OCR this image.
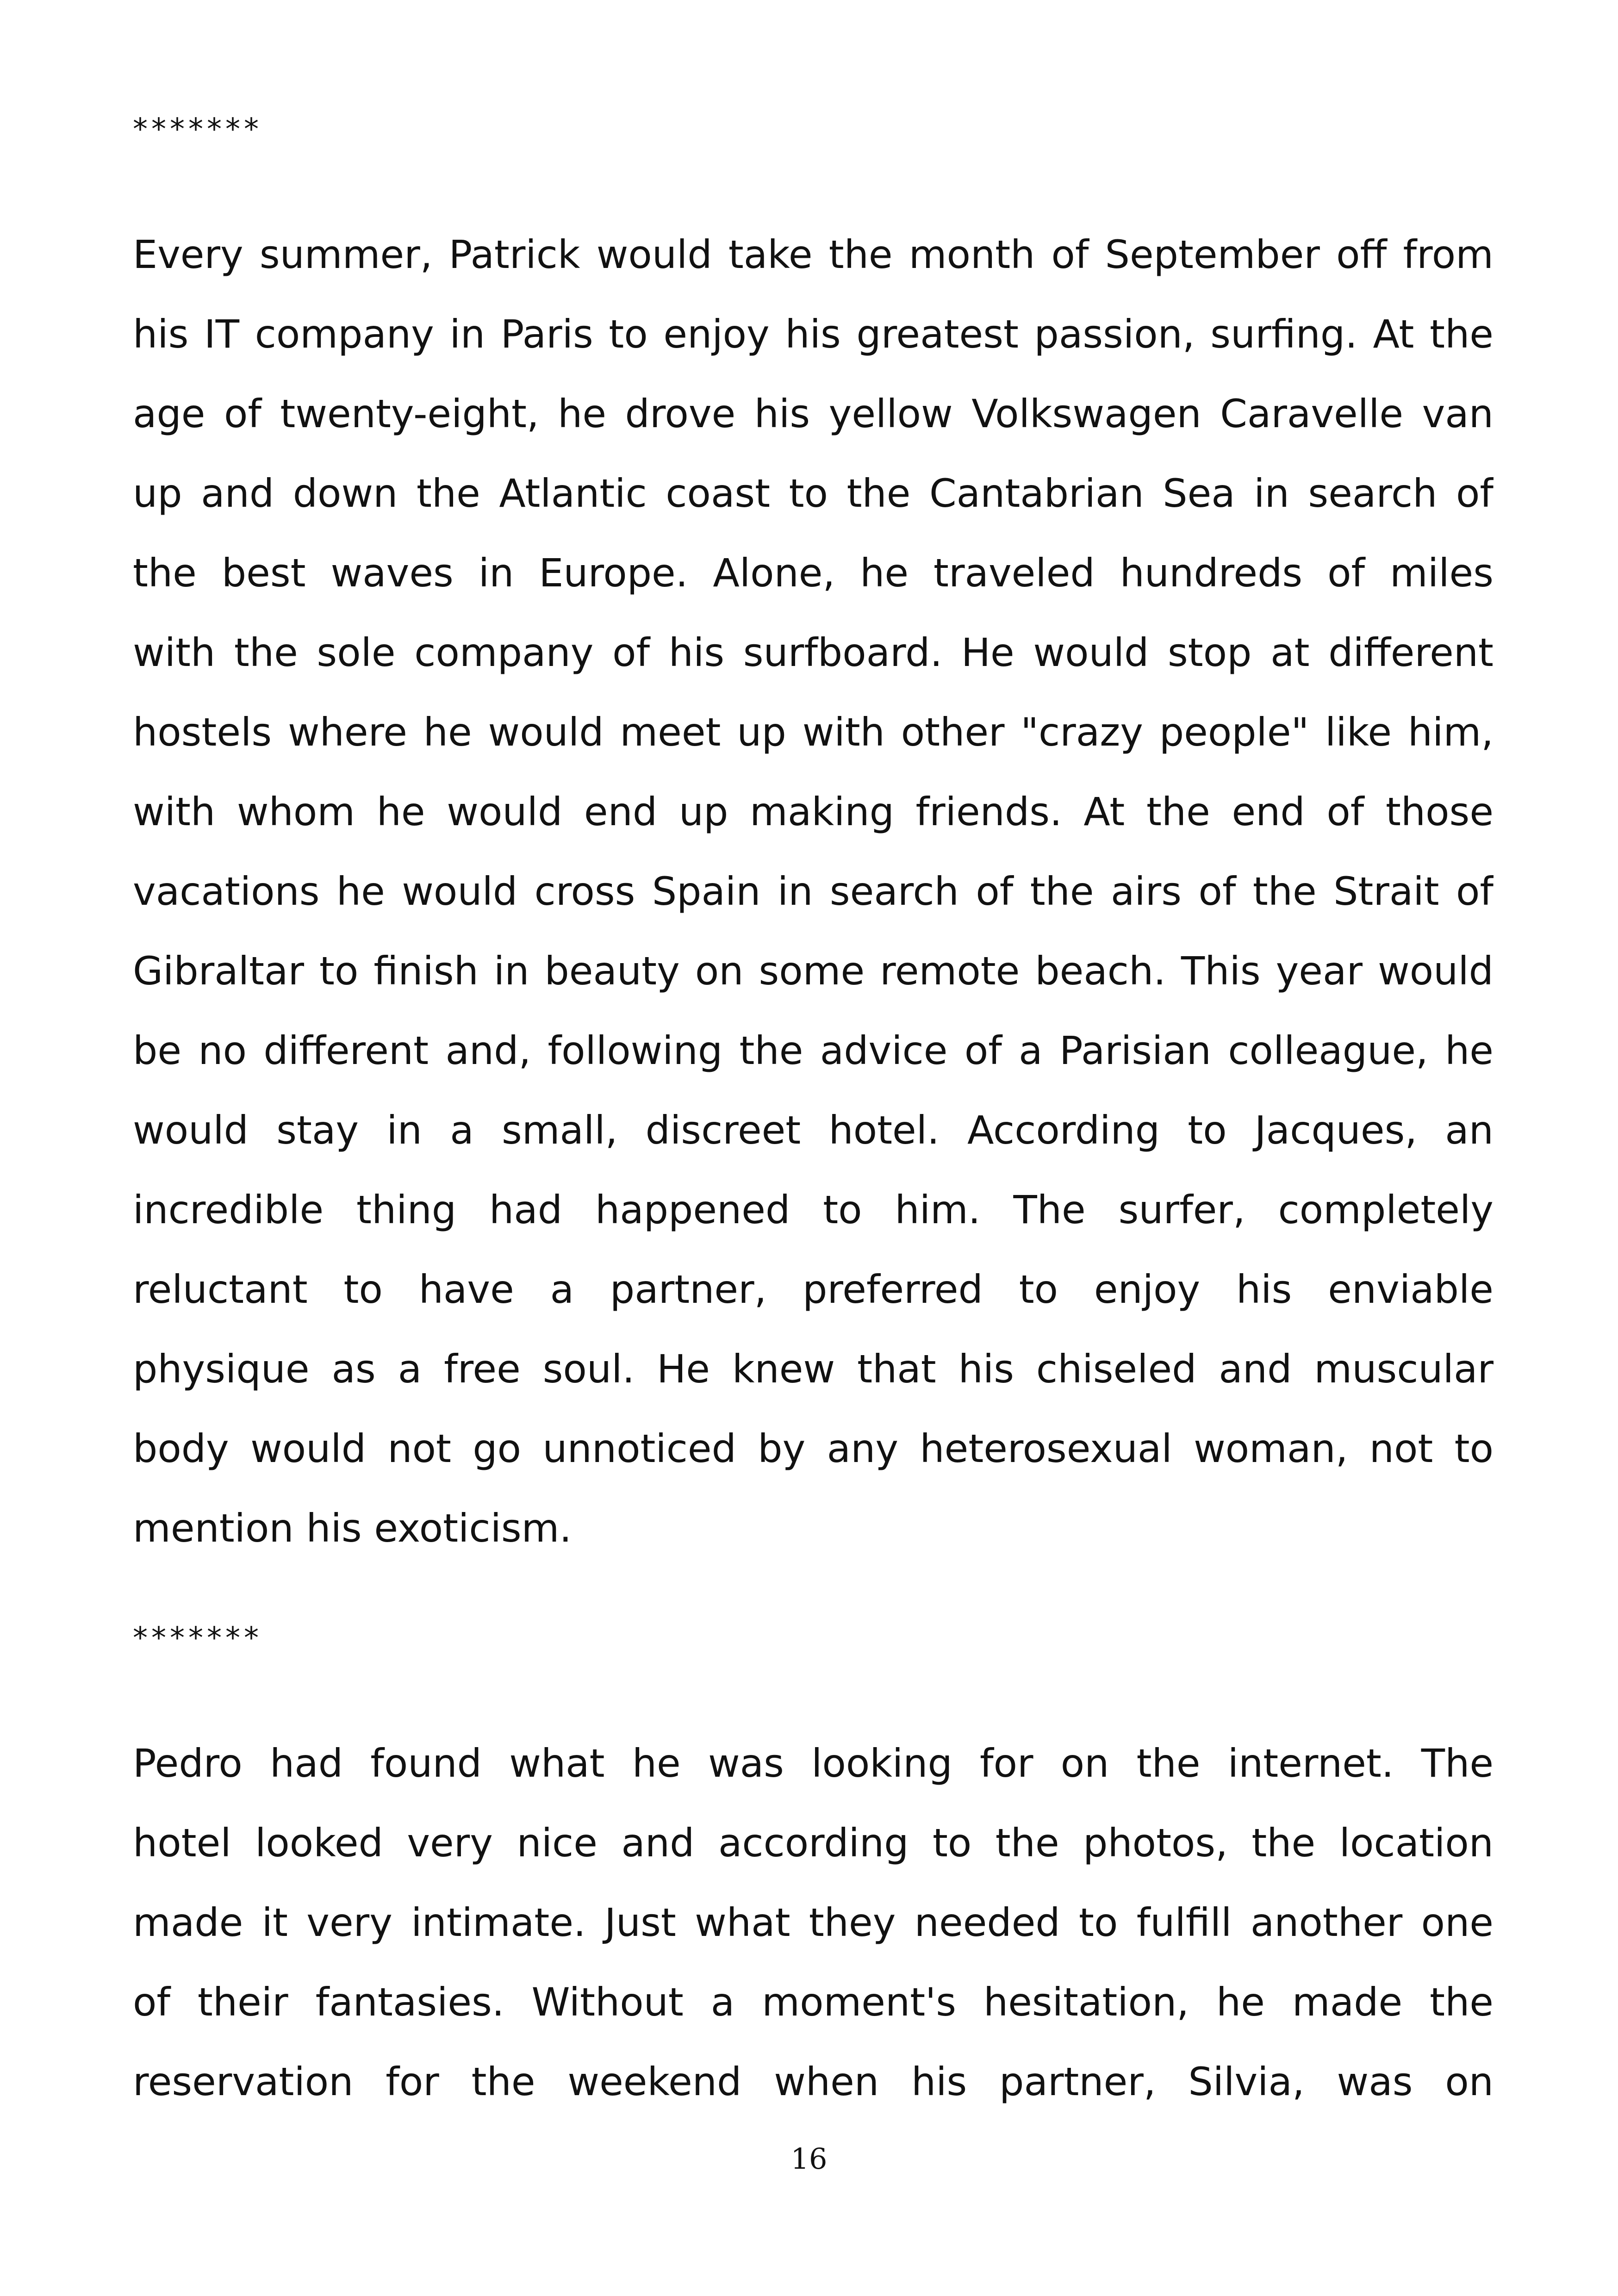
*******
Every summer, Patrick would take the month of September off from
his IT company in Paris to enjoy his greatest passion, surfing. At the
age of twenty-eight, he drove his yellow Volkswagen Caravelle van
up and down the Atlantic coast to the Cantabrian Sea in search of
the best waves in Europe. Alone, he traveled hundreds of miles
with the sole company of his surfboard. He would stop at different
hostels where he would meet up with other "crazy people" like him,
with whom he would end up making friends. At the end of those
vacations he would cross Spain in search of the airs of the Strait of
Gibraltar to finish in beauty on some remote beach. This year would
be no different and, following the advice of a Parisian colleague, he
would stay in a small, discreet hotel. According to Jacques, an
incredible thing had happened to him. The surfer, completely
reluctant to have a partner, preferred to enjoy his enviable
physique as a free soul. He knew that his chiseled and muscular
body would not go unnoticed by any heterosexual woman, not to
mention his exoticism.
*******
Pedro had found what he was looking for on the internet. The
hotel looked very nice and according to the photos, the location
made it very intimate. Just what they needed to fulfill another one
of their fantasies. Without a moment's hesitation, he made the
reservation for the weekend when his partner, Silvia, was on
16
